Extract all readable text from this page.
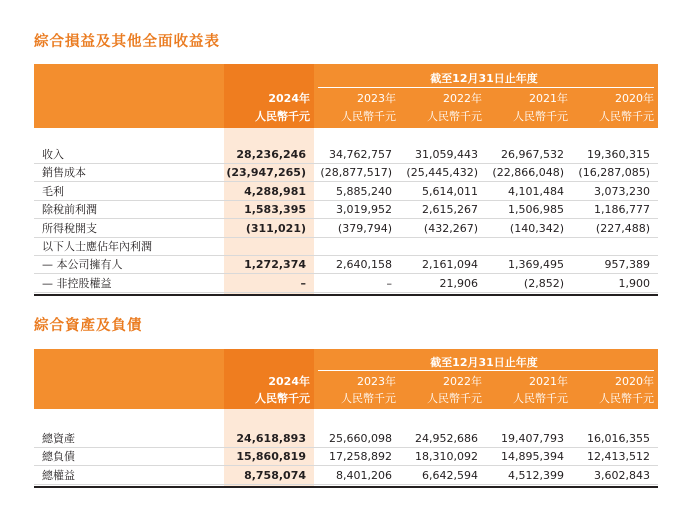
綜合損益及其他全面收益表
截至12月31日止年度
2024年	2023年	2022年	2021年	2020年
人民幣千元	人民幣千元	人民幣千元	人民幣千元	人民幣千元
收入	28,236,246	34,762,757	31,059,443	26,967,532	19,360,315
銷售成本	(23,947,265)	(28,877,517)	(25,445,432)	(22,866,048)	(16,287,085)
毛利	4,288,981	5,885,240	5,614,011	4,101,484	3,073,230
除稅前利潤	1,583,395	3,019,952	2,615,267	1,506,985	1,186,777
所得稅開支	(311,021)	(379,794)	(432,267)	(140,342)	(227,488)
以下人士應佔年內利潤
— 本公司擁有人	1,272,374	2,640,158	2,161,094	1,369,495	957,389
— 非控股權益	–	–	21,906	(2,852)	1,900
綜合資產及負債
截至12月31日止年度
2024年	2023年	2022年	2021年	2020年
人民幣千元	人民幣千元	人民幣千元	人民幣千元	人民幣千元
總資產	24,618,893	25,660,098	24,952,686	19,407,793	16,016,355
總負債	15,860,819	17,258,892	18,310,092	14,895,394	12,413,512
總權益	8,758,074	8,401,206	6,642,594	4,512,399	3,602,843
